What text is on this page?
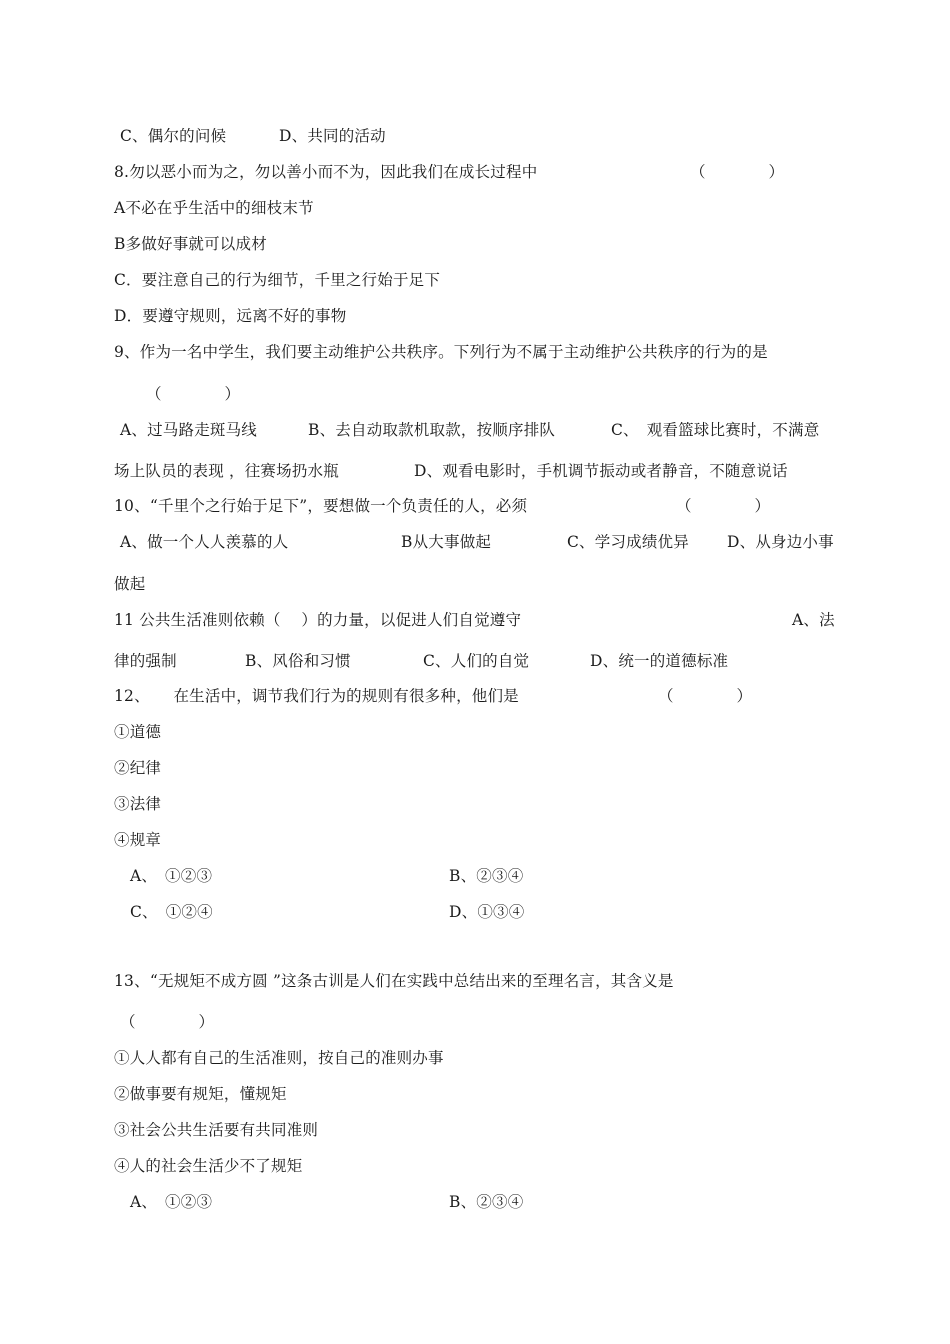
C、偶尔的问候	D、共同的活动
8.勿以恶小而为之，勿以善小而不为，因此我们在成长过程中	（　　　　）
A不必在乎生活中的细枝末节
B多做好事就可以成材
C．要注意自己的行为细节，千里之行始于足下
D．要遵守规则，远离不好的事物
9、作为一名中学生，我们要主动维护公共秩序。下列行为不属于主动维护公共秩序的行为的是
（　　　　）
A、过马路走斑马线	B、去自动取款机取款，按顺序排队	C、　观看篮球比赛时，不满意
场上队员的表现 ，往赛场扔水瓶	D、观看电影时，手机调节振动或者静音，不随意说话
10、“千里个之行始于足下”，要想做一个负责任的人，必须	（　　　　）
A、做一个人人羡慕的人	B从大事做起	C、学习成绩优异 D、从身边小事
做起
11 公共生活准则依赖（　 ）的力量，以促进人们自觉遵守	A、法
律的强制	B、风俗和习惯	C、人们的自觉	D、统一的道德标准
12、　　在生活中，调节我们行为的规则有很多种，他们是	（　　　　）
①道德
②纪律
③法律
④规章
A、　①②③	B、②③④
C、　①②④	D、①③④
13、“无规矩不成方圆 ”这条古训是人们在实践中总结出来的至理名言，其含义是
（　　　　）
①人人都有自己的生活准则，按自己的准则办事
②做事要有规矩，懂规矩
③社会公共生活要有共同准则
④人的社会生活少不了规矩
A、　①②③	B、②③④
